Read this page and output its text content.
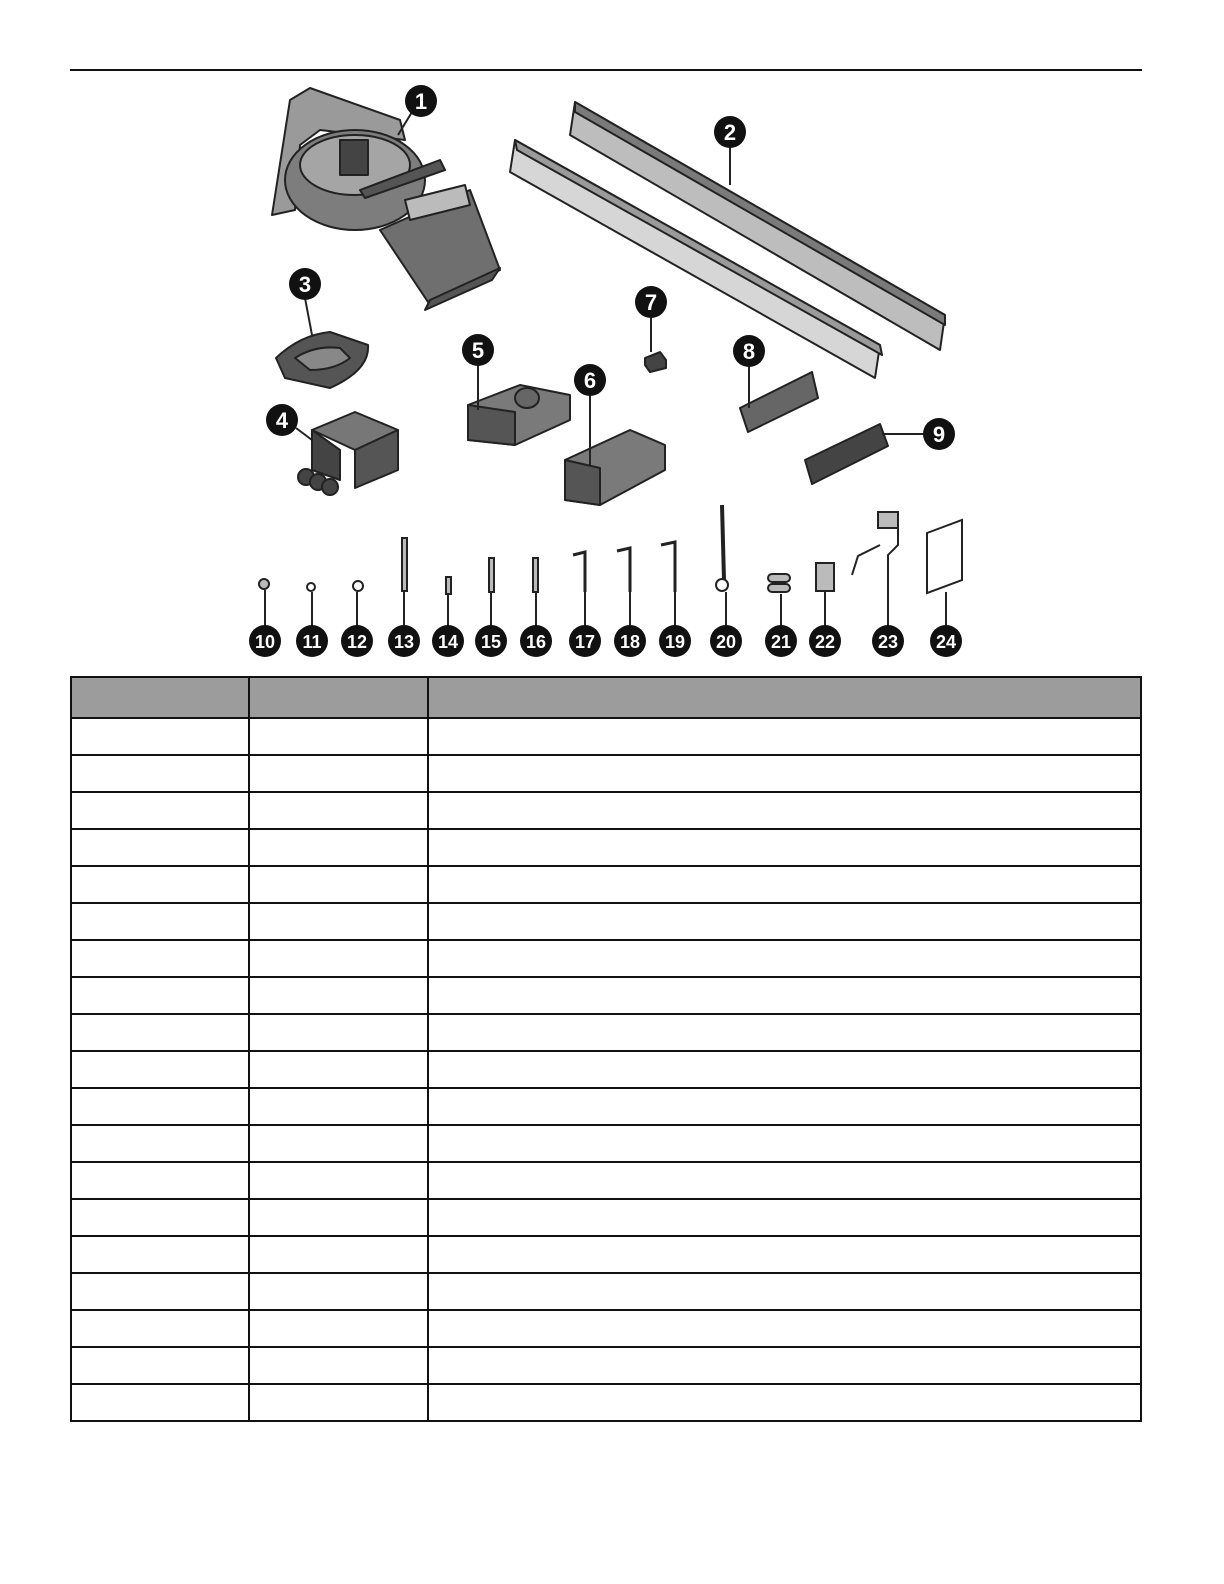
1
2
3
4
5
6
7
8
9
10 11 12 13 14 15 16 17 18 19 20 21 22 23 24
